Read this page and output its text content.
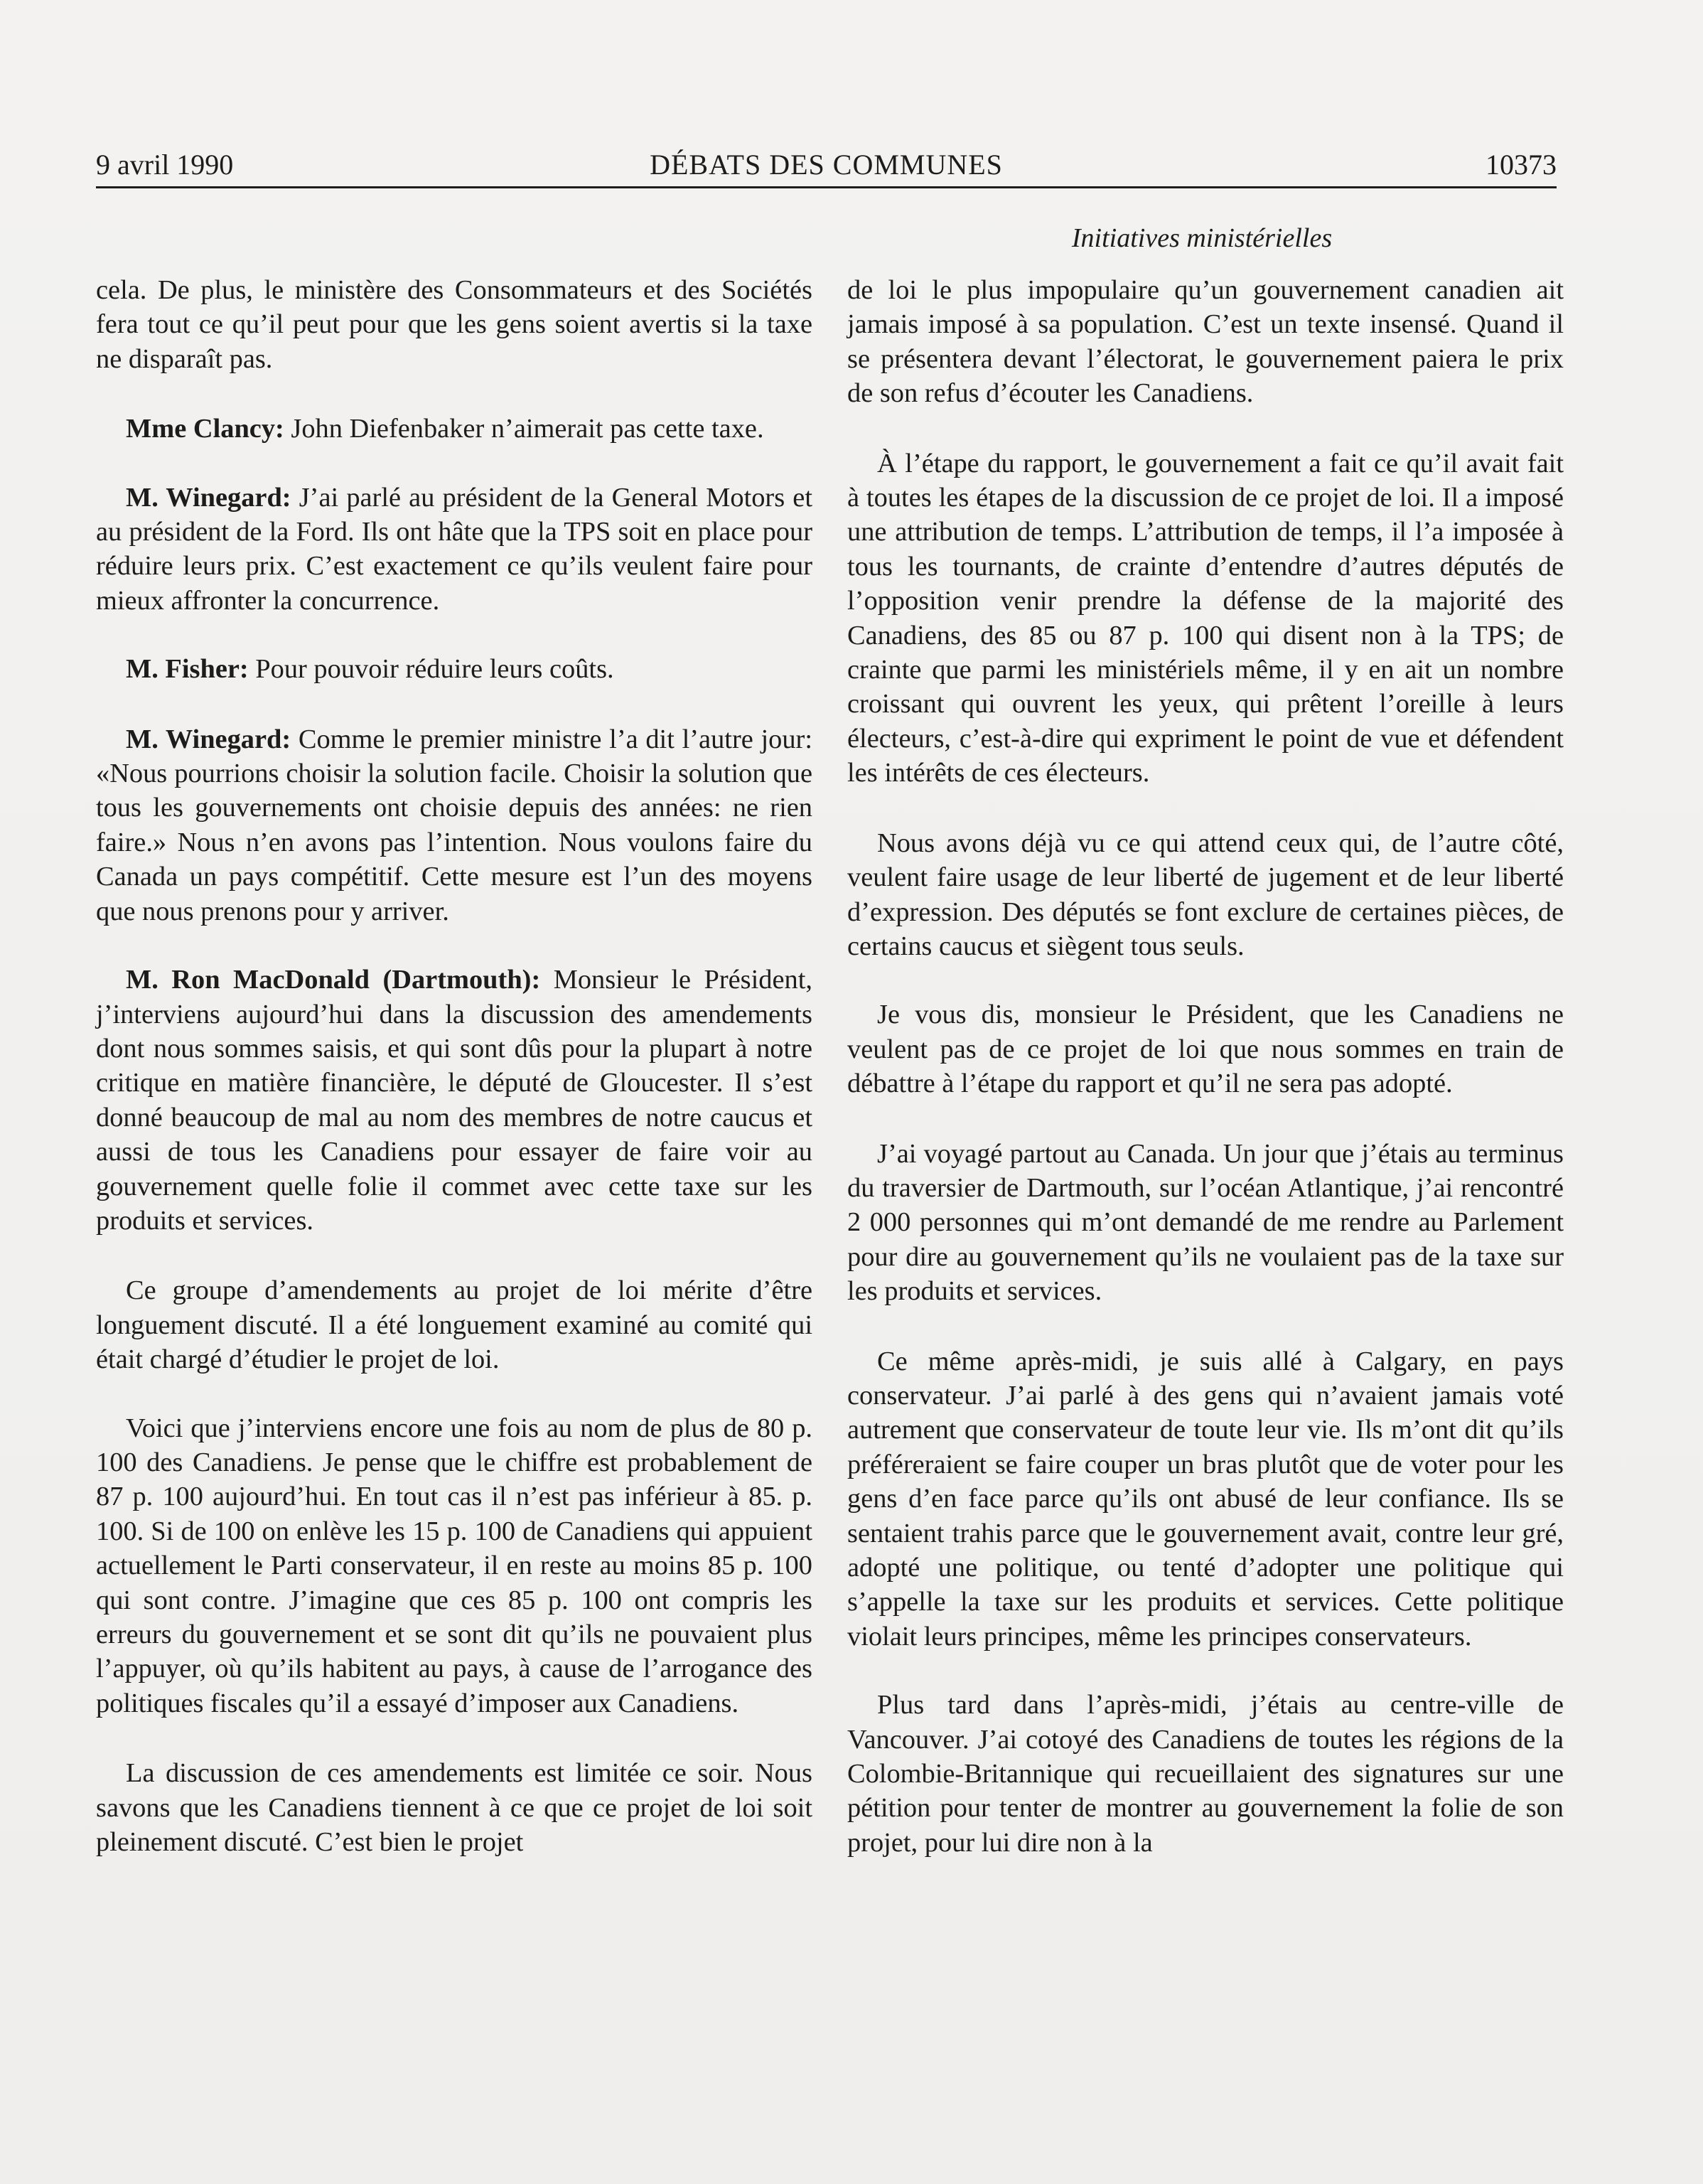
9 avril 1990	DÉBATS DES COMMUNES	10373
Initiatives ministérielles

cela. De plus, le ministère des Consommateurs et des Sociétés fera tout ce qu’il peut pour que les gens soient avertis si la taxe ne disparaît pas.

Mme Clancy: John Diefenbaker n’aimerait pas cette taxe.

M. Winegard: J’ai parlé au président de la General Motors et au président de la Ford. Ils ont hâte que la TPS soit en place pour réduire leurs prix. C’est exactement ce qu’ils veulent faire pour mieux affronter la concurrence.

M. Fisher: Pour pouvoir réduire leurs coûts.

M. Winegard: Comme le premier ministre l’a dit l’autre jour: «Nous pourrions choisir la solution facile. Choisir la solution que tous les gouvernements ont choisie depuis des années: ne rien faire.» Nous n’en avons pas l’intention. Nous voulons faire du Canada un pays compétitif. Cette mesure est l’un des moyens que nous prenons pour y arriver.

M. Ron MacDonald (Dartmouth): Monsieur le Président, j’interviens aujourd’hui dans la discussion des amendements dont nous sommes saisis, et qui sont dûs pour la plupart à notre critique en matière financière, le député de Gloucester. Il s’est donné beaucoup de mal au nom des membres de notre caucus et aussi de tous les Canadiens pour essayer de faire voir au gouvernement quelle folie il commet avec cette taxe sur les produits et services.

Ce groupe d’amendements au projet de loi mérite d’être longuement discuté. Il a été longuement examiné au comité qui était chargé d’étudier le projet de loi.

Voici que j’interviens encore une fois au nom de plus de 80 p. 100 des Canadiens. Je pense que le chiffre est probablement de 87 p. 100 aujourd’hui. En tout cas il n’est pas inférieur à 85. p. 100. Si de 100 on enlève les 15 p. 100 de Canadiens qui appuient actuellement le Parti conservateur, il en reste au moins 85 p. 100 qui sont contre. J’imagine que ces 85 p. 100 ont compris les erreurs du gouvernement et se sont dit qu’ils ne pouvaient plus l’appuyer, où qu’ils habitent au pays, à cause de l’arrogance des politiques fiscales qu’il a essayé d’imposer aux Canadiens.

La discussion de ces amendements est limitée ce soir. Nous savons que les Canadiens tiennent à ce que ce projet de loi soit pleinement discuté. C’est bien le projet

de loi le plus impopulaire qu’un gouvernement canadien ait jamais imposé à sa population. C’est un texte insensé. Quand il se présentera devant l’électorat, le gouvernement paiera le prix de son refus d’écouter les Canadiens.

À l’étape du rapport, le gouvernement a fait ce qu’il avait fait à toutes les étapes de la discussion de ce projet de loi. Il a imposé une attribution de temps. L’attribution de temps, il l’a imposée à tous les tournants, de crainte d’entendre d’autres députés de l’opposition venir prendre la défense de la majorité des Canadiens, des 85 ou 87 p. 100 qui disent non à la TPS; de crainte que parmi les ministériels même, il y en ait un nombre croissant qui ouvrent les yeux, qui prêtent l’oreille à leurs électeurs, c’est-à-dire qui expriment le point de vue et défendent les intérêts de ces électeurs.

Nous avons déjà vu ce qui attend ceux qui, de l’autre côté, veulent faire usage de leur liberté de jugement et de leur liberté d’expression. Des députés se font exclure de certaines pièces, de certains caucus et siègent tous seuls.

Je vous dis, monsieur le Président, que les Canadiens ne veulent pas de ce projet de loi que nous sommes en train de débattre à l’étape du rapport et qu’il ne sera pas adopté.

J’ai voyagé partout au Canada. Un jour que j’étais au terminus du traversier de Dartmouth, sur l’océan Atlantique, j’ai rencontré 2 000 personnes qui m’ont demandé de me rendre au Parlement pour dire au gouvernement qu’ils ne voulaient pas de la taxe sur les produits et services.

Ce même après-midi, je suis allé à Calgary, en pays conservateur. J’ai parlé à des gens qui n’avaient jamais voté autrement que conservateur de toute leur vie. Ils m’ont dit qu’ils préféreraient se faire couper un bras plutôt que de voter pour les gens d’en face parce qu’ils ont abusé de leur confiance. Ils se sentaient trahis parce que le gouvernement avait, contre leur gré, adopté une politique, ou tenté d’adopter une politique qui s’appelle la taxe sur les produits et services. Cette politique violait leurs principes, même les principes conservateurs.

Plus tard dans l’après-midi, j’étais au centre-ville de Vancouver. J’ai cotoyé des Canadiens de toutes les régions de la Colombie-Britannique qui recueillaient des signatures sur une pétition pour tenter de montrer au gouvernement la folie de son projet, pour lui dire non à la
